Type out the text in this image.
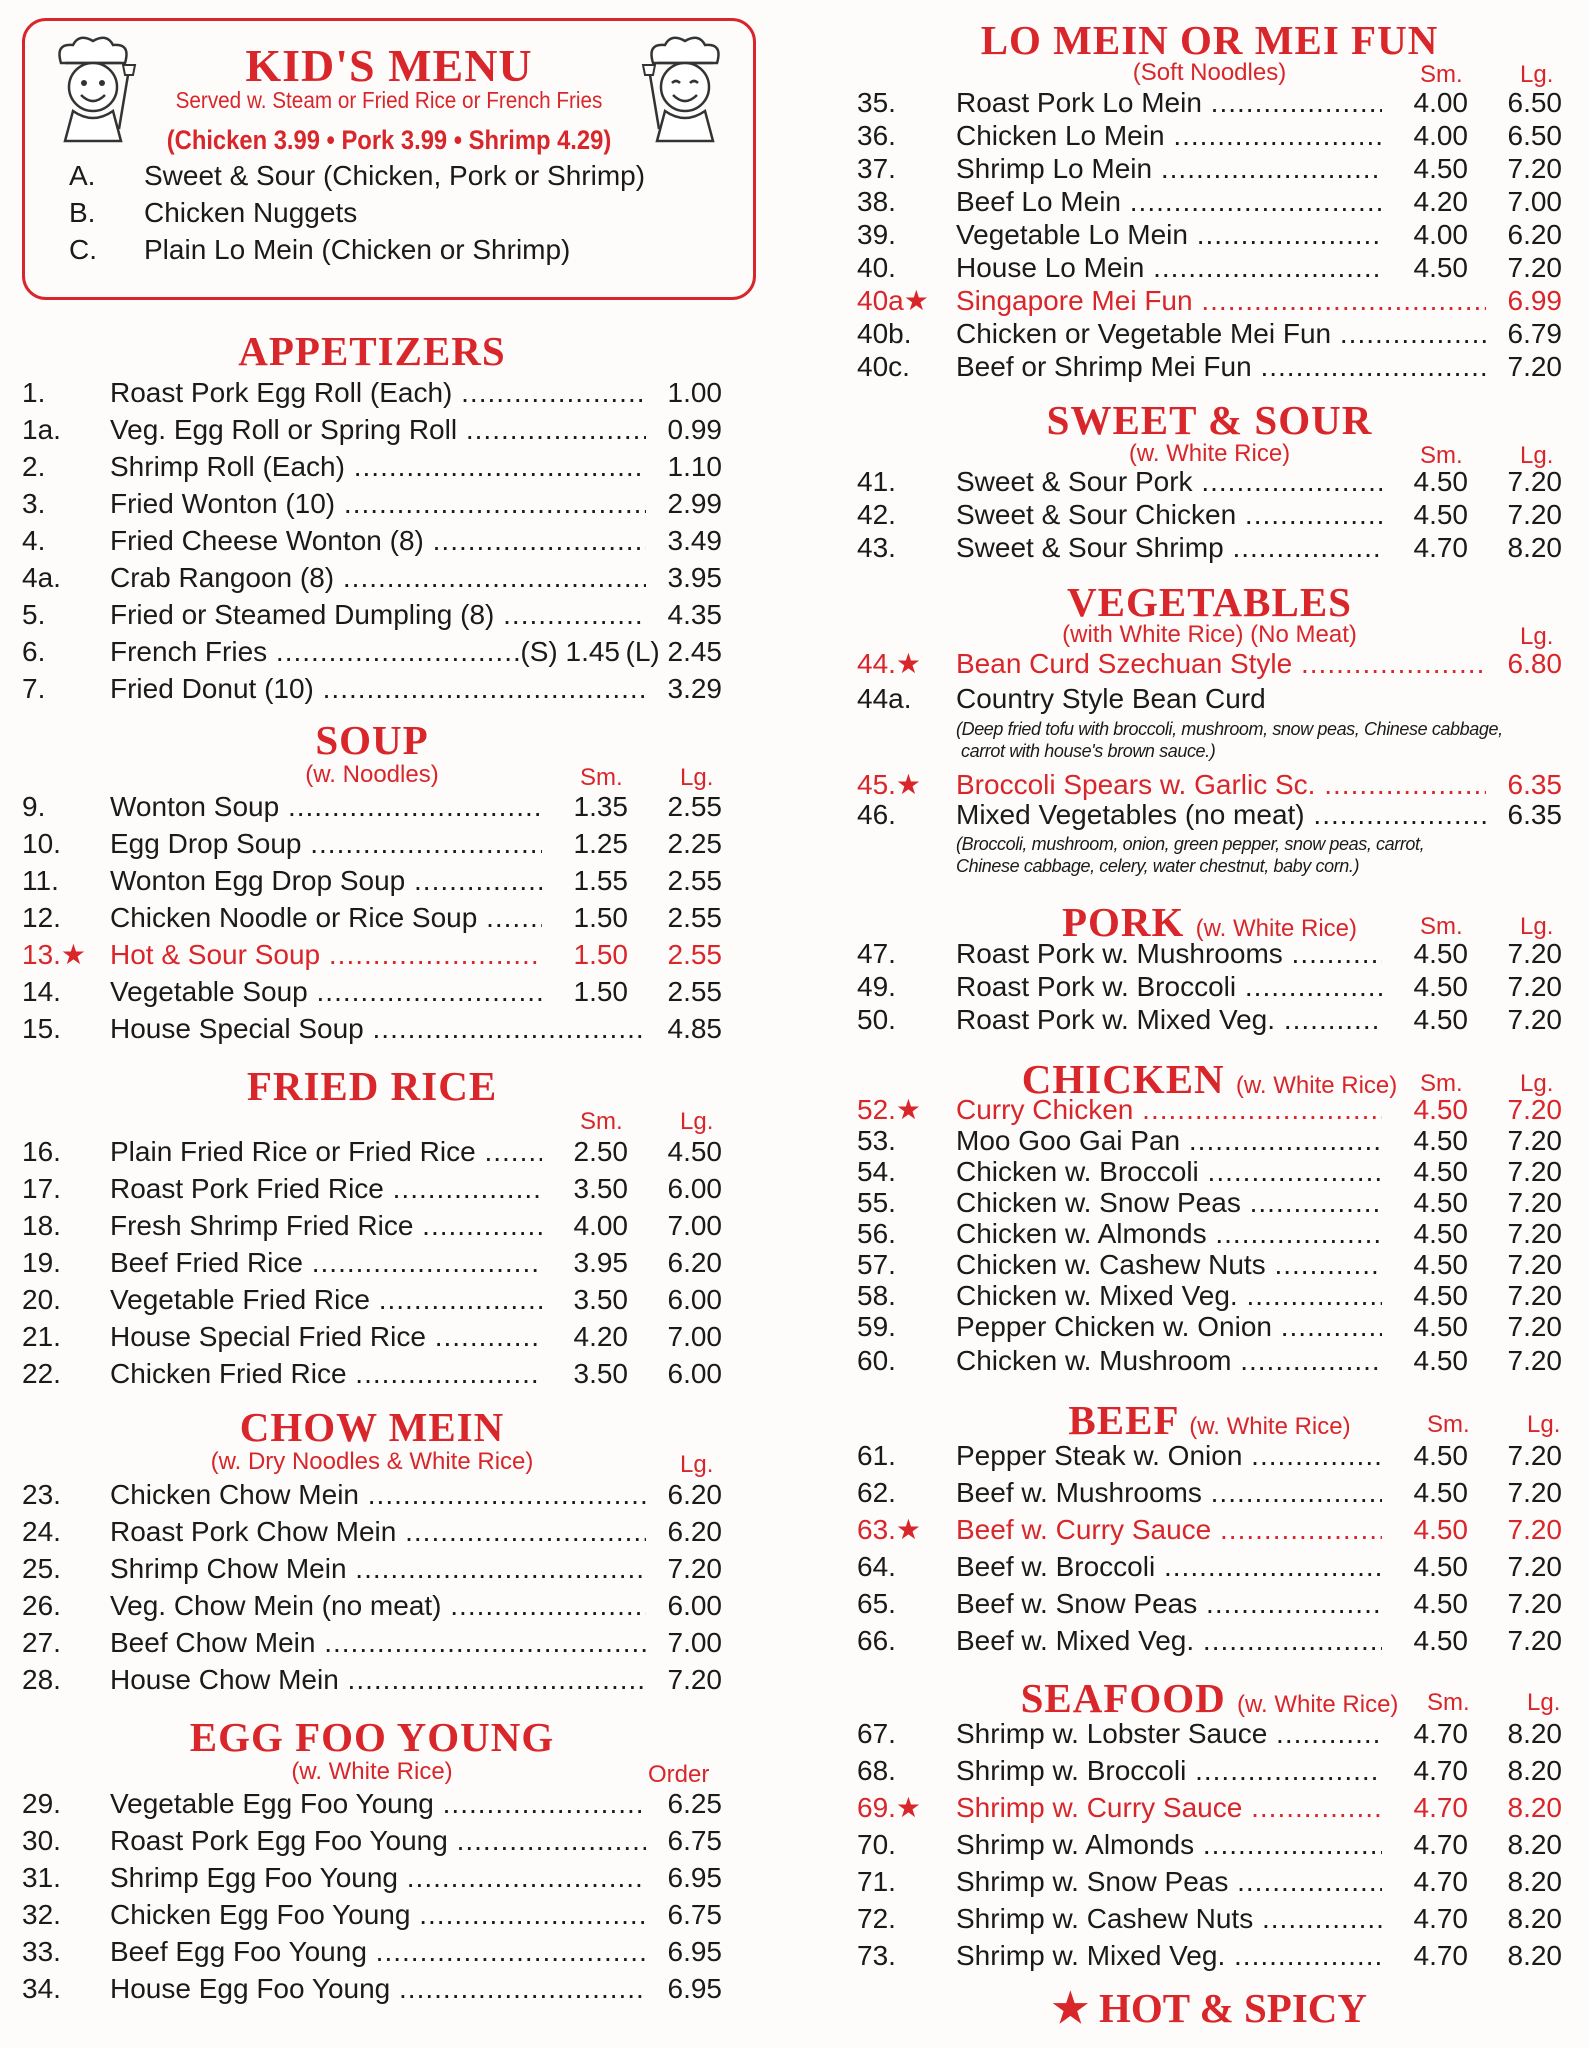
KID'S MENU
Served w. Steam or Fried Rice or French Fries
(Chicken 3.99 • Pork 3.99 • Shrimp 4.29)
A. Sweet & Sour (Chicken, Pork or Shrimp)
B. Chicken Nuggets
C. Plain Lo Mein (Chicken or Shrimp)
APPETIZERS
1. Roast Pork Egg Roll (Each) .....	1.00
1a. Veg. Egg Roll or Spring Roll .....	0.99
2. Shrimp Roll (Each) .....	1.10
3. Fried Wonton (10) .....	2.99
4. Fried Cheese Wonton (8) .....	3.49
4a. Crab Rangoon (8) .....	3.95
5. Fried or Steamed Dumpling (8) .....	4.35
6. French Fries .....	(S) 1.45 (L) 2.45
7. Fried Donut (10) .....	3.29
SOUP
(w. Noodles)	Sm. Lg.
9. Wonton Soup .....	1.35 2.55
10. Egg Drop Soup .....	1.25 2.25
11. Wonton Egg Drop Soup .....	1.55 2.55
12. Chicken Noodle or Rice Soup .....	1.50 2.55
13.★ Hot & Sour Soup .....	1.50 2.55
14. Vegetable Soup .....	1.50 2.55
15. House Special Soup .....	4.85
FRIED RICE
Sm. Lg.
16. Plain Fried Rice or Fried Rice .....	2.50 4.50
17. Roast Pork Fried Rice .....	3.50 6.00
18. Fresh Shrimp Fried Rice .....	4.00 7.00
19. Beef Fried Rice .....	3.95 6.20
20. Vegetable Fried Rice .....	3.50 6.00
21. House Special Fried Rice .....	4.20 7.00
22. Chicken Fried Rice .....	3.50 6.00
CHOW MEIN
(w. Dry Noodles & White Rice)	Lg.
23. Chicken Chow Mein .....	6.20
24. Roast Pork Chow Mein .....	6.20
25. Shrimp Chow Mein .....	7.20
26. Veg. Chow Mein (no meat) .....	6.00
27. Beef Chow Mein .....	7.00
28. House Chow Mein .....	7.20
EGG FOO YOUNG
(w. White Rice)	Order
29. Vegetable Egg Foo Young .....	6.25
30. Roast Pork Egg Foo Young .....	6.75
31. Shrimp Egg Foo Young .....	6.95
32. Chicken Egg Foo Young .....	6.75
33. Beef Egg Foo Young .....	6.95
34. House Egg Foo Young .....	6.95
LO MEIN OR MEI FUN
(Soft Noodles)	Sm. Lg.
35. Roast Pork Lo Mein .....	4.00 6.50
36. Chicken Lo Mein .....	4.00 6.50
37. Shrimp Lo Mein .....	4.50 7.20
38. Beef Lo Mein .....	4.20 7.00
39. Vegetable Lo Mein .....	4.00 6.20
40. House Lo Mein .....	4.50 7.20
40a★ Singapore Mei Fun .....	6.99
40b. Chicken or Vegetable Mei Fun .....	6.79
40c. Beef or Shrimp Mei Fun .....	7.20
SWEET & SOUR
(w. White Rice)	Sm. Lg.
41. Sweet & Sour Pork .....	4.50 7.20
42. Sweet & Sour Chicken .....	4.50 7.20
43. Sweet & Sour Shrimp .....	4.70 8.20
VEGETABLES
(with White Rice) (No Meat)	Lg.
44.★ Bean Curd Szechuan Style .....	6.80
44a. Country Style Bean Curd
(Deep fried tofu with broccoli, mushroom, snow peas, Chinese cabbage,
carrot with house's brown sauce.)
45.★ Broccoli Spears w. Garlic Sc. .....	6.35
46. Mixed Vegetables (no meat) .....	6.35
(Broccoli, mushroom, onion, green pepper, snow peas, carrot,
Chinese cabbage, celery, water chestnut, baby corn.)
PORK (w. White Rice)	Sm. Lg.
47. Roast Pork w. Mushrooms .....	4.50 7.20
49. Roast Pork w. Broccoli .....	4.50 7.20
50. Roast Pork w. Mixed Veg. .....	4.50 7.20
CHICKEN (w. White Rice) Sm. Lg.
52.★ Curry Chicken .....	4.50 7.20
53. Moo Goo Gai Pan .....	4.50 7.20
54. Chicken w. Broccoli .....	4.50 7.20
55. Chicken w. Snow Peas .....	4.50 7.20
56. Chicken w. Almonds .....	4.50 7.20
57. Chicken w. Cashew Nuts .....	4.50 7.20
58. Chicken w. Mixed Veg. .....	4.50 7.20
59. Pepper Chicken w. Onion .....	4.50 7.20
60. Chicken w. Mushroom .....	4.50 7.20
BEEF (w. White Rice)	Sm. Lg.
61. Pepper Steak w. Onion .....	4.50 7.20
62. Beef w. Mushrooms .....	4.50 7.20
63.★ Beef w. Curry Sauce .....	4.50 7.20
64. Beef w. Broccoli .....	4.50 7.20
65. Beef w. Snow Peas .....	4.50 7.20
66. Beef w. Mixed Veg. .....	4.50 7.20
SEAFOOD (w. White Rice)	Sm. Lg.
67. Shrimp w. Lobster Sauce .....	4.70 8.20
68. Shrimp w. Broccoli .....	4.70 8.20
69.★ Shrimp w. Curry Sauce .....	4.70 8.20
70. Shrimp w. Almonds .....	4.70 8.20
71. Shrimp w. Snow Peas .....	4.70 8.20
72. Shrimp w. Cashew Nuts .....	4.70 8.20
73. Shrimp w. Mixed Veg. .....	4.70 8.20
★ HOT & SPICY
